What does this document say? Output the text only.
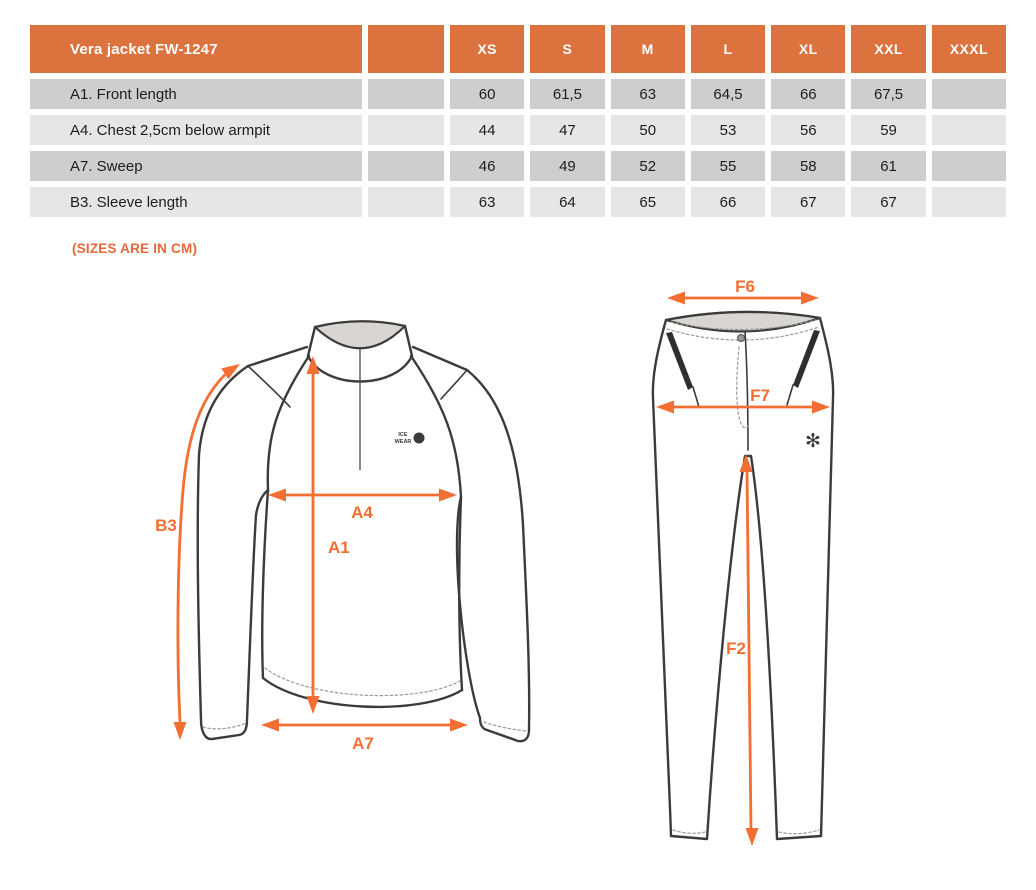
Vera jacket FW-1247	XS	S	M	L	XL	XXL	XXXL
A1. Front length	60	61,5	63	64,5	66	67,5
A4. Chest 2,5cm below armpit	44	47	50	53	56	59
A7. Sweep	46	49	52	55	58	61
B3. Sleeve length	63	64	65	66	67	67
(SIZES ARE IN CM)
ICE
WEAR ✻
B3
A1
A4
A7
✻
F6
F7
F2
